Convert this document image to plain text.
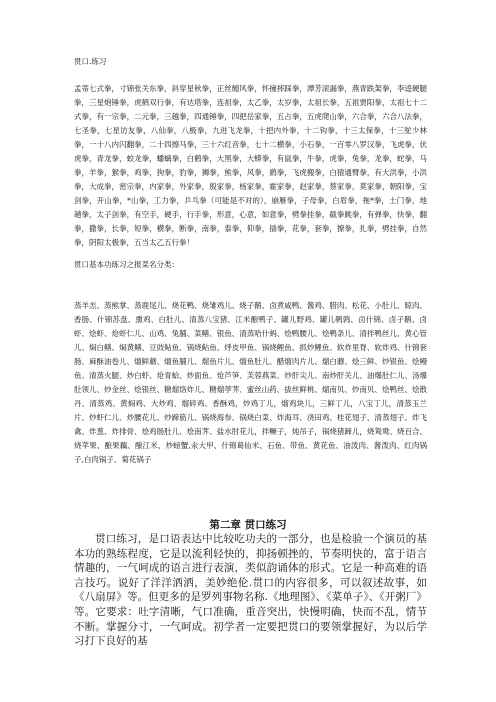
贯口.练习

孟蒂七式拳，寸锦张关东拳，斜穿星秋拳，正丝缠风拳，怀撞摔踩拳，潭芳滚漏拳，燕青跌架拳，李逵硬腿拳，三星炮锤拳，虎鹤双行拳，有达塔拳，连祖拳，太乙拳，太岁拳，太祖长拳，五祖贾阳拳，太祖七十二式拳，有一宗拳，二元拳，三越拳，四通锤拳，四把岳家拳，五占拳，五虎爬山拳，六合拳，六合八法拳，七圣拳，七星访友拳，八仙拳，八极拳，九进飞龙拳，十把内外拳，十二钩拳，十三太保拳，十三鸵少林拳，一十八内闪翻拳，二十四擦马拳，三十六红音拳，七十二横拳，小石拳，一百零八罗汉拳，飞虎拳，伏虎拳，青龙拳，蛟龙拳，蟠螭拳，白鹤拳，大黑拳，大蟒拳，有鼠拳，牛拳，虎拳，兔拳，龙拳，蛇拳，马拳，羊拳，猴拳，鸡拳，狗拳，豹拳，狮拳，熊拳，风拳，鹞拳，飞虎搬拳，白猿通臂拳，有大洪拳，小洪拳，大成拳，密宗拳，内家拳，外家拳，殷家拳，杨家拳，霍家拳，赵家拳，蔡家拳，莫家拳，朝阳拳，宝剑拳，开山拳，*山拳，工力拳，乒乓拳（可能是不对的），崩雁拳，子母拳，白眉拳，拖*拳，土门拳，地趟拳，太子剑拳，有空手，硬手，行手拳，形意，心意，如意拳，劈拳挂拳，截拳跳拳，有弹拳，快拳，翻拳，撒拳，长拳，短拳，横拳，断拳，南拳，泰拳，仰拳，插拳，花拳，套拳，撩拳，扎拳，劈挂拳，自然拳，阴阳太极拳，五当太乙五行拳！

贯口基本功练习之报菜名分类：

蒸羊羔、蒸熊掌、蒸鹿尾儿、烧花鸭、烧雏鸡儿、烧子鹅、卤煮咸鸭、酱鸡、腊肉、松花、小肚儿、晾肉、香肠、什锦苏盘、熏鸡、白肚儿、清蒸八宝猪、江米酿鸭子、罐儿野鸡、罐儿鹌鹑、卤什锦、卤子鹅、卤虾、烩虾、炝虾仁儿、山鸡、兔脯、菜鳝、银鱼、清蒸哈什蚂、烩鸭腰儿、烩鸭条儿、清拌鸭丝儿、黄心管儿、焖白鳝、焖黄鳝、豆豉鲇鱼、锅烧鲇鱼、烀皮甲鱼、锅烧鲤鱼、抓炒鲤鱼、软炸里脊、软炸鸡、什锦套肠、麻酥油卷儿、熘鲜蘑、熘鱼脯儿、熘鱼片儿、熘鱼肚儿、醋熘肉片儿、熘白蘑、烩三鲜、炒银鱼、烩鳗鱼、清蒸火腿、炒白虾、炝青蛤、炒面鱼、炝芦笋、芙蓉燕菜、炒肝尖儿、南炒肝关儿、油爆肚仁儿、汤爆肚领儿、炒金丝、烩银丝、糖熘饹炸儿、糖熘荸荠、蜜丝山药、拔丝鲜桃、熘南贝、炒南贝、烩鸭丝、烩散丹、清蒸鸡、黄焖鸡、大炒鸡、熘碎鸡、香酥鸡，炒鸡丁儿，熘鸡块儿，三鲜丁儿，八宝丁儿，清蒸玉兰片、炒虾仁儿、炒腰花儿、炒蹄筋儿、锅烧海参、锅烧白菜、炸海耳、浇田鸡、桂花翅子、清蒸翅子、炸飞禽、炸葱、炸排骨、烩鸡肠肚儿、烩南荠、盐水肘花儿，拌鳜子，炖吊子，锅烧猪蹄儿，烧鸳鸯、烧百合、烧苹果、酿果藕、酿江米、炒螃蟹,汆大甲、什锦葛仙米、石鱼、带鱼、黄花鱼、油泼肉、酱泼肉、红肉锅子,白肉锅子、菊花锅子

第二章 贯口练习

贯口练习，是口语表达中比较吃功夫的一部分，也是检验一个演员的基本功的熟练程度，它是以流利轻快的，抑扬顿挫的，节奏明快的，富于语言情趣的，一气呵成的语言进行表演，类似韵诵体的形式。它是一种高难的语言技巧。说好了洋洋洒洒，美妙绝伦.贯口的内容很多，可以叙述故事，如《八扇屏》等。但更多的是罗列事物名称.《地理图》、《菜单子》、《开粥厂》等。它要求：吐字清晰，气口准确，重音突出，快慢明确，快而不乱，情节不断。掌握分寸，一气呵成。初学者一定要把贯口的要领掌握好，为以后学习打下良好的基
